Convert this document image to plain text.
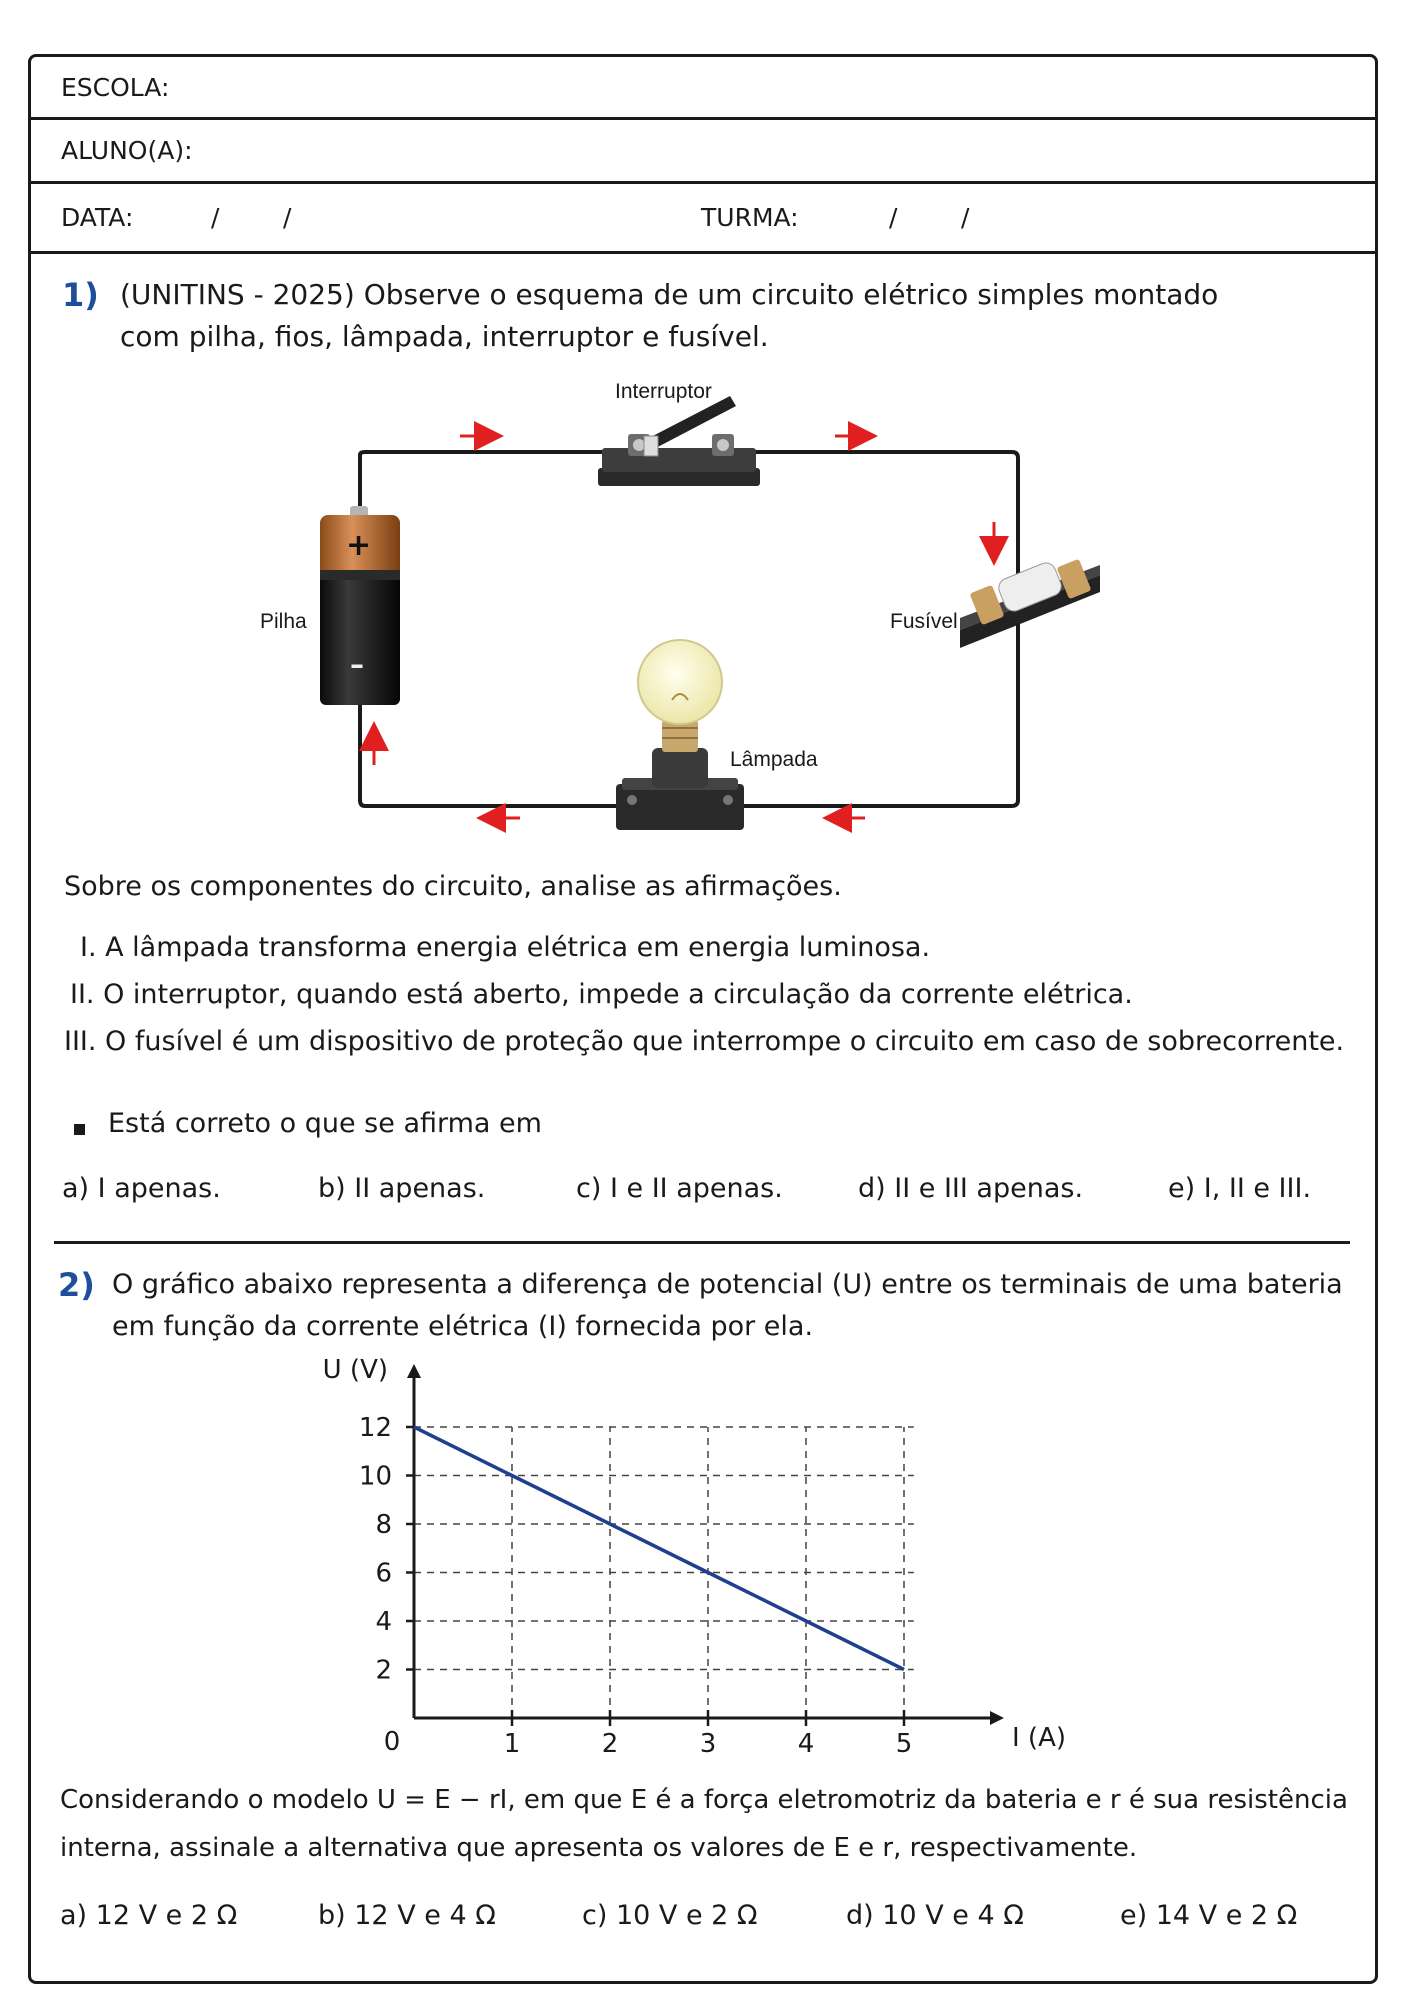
ESCOLA:
ALUNO(A):
DATA:	/	/	TURMA:	/	/
1) (UNITINS - 2025) Observe o esquema de um circuito elétrico simples montado
com pilha, fios, lâmpada, interruptor e fusível.
Interruptor
Pilha	Fusível
Lâmpada
+
–
Sobre os componentes do circuito, analise as afirmações.
I. A lâmpada transforma energia elétrica em energia luminosa.
II. O interruptor, quando está aberto, impede a circulação da corrente elétrica.
III. O fusível é um dispositivo de proteção que interrompe o circuito em caso de sobrecorrente.
Está correto o que se afirma em
a) I apenas.	b) II apenas.	c) I e II apenas.	d) II e III apenas.	e) I, II e III.
2) O gráfico abaixo representa a diferença de potencial (U) entre os terminais de uma bateria
em função da corrente elétrica (I) fornecida por ela.
2
4
6
8
10
12
1	2	3	4	5
U (V)
I (A)
0
Considerando o modelo U = E − rI, em que E é a força eletromotriz da bateria e r é sua resistência
interna, assinale a alternativa que apresenta os valores de E e r, respectivamente.
a) 12 V e 2 Ω	b) 12 V e 4 Ω	c) 10 V e 2 Ω	d) 10 V e 4 Ω	e) 14 V e 2 Ω
